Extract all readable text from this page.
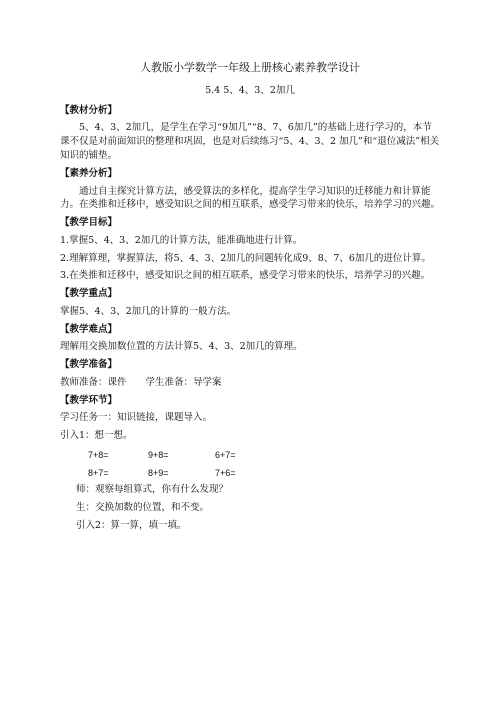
人教版小学数学一年级上册核心素养教学设计
5.4 5、4、3、2加几
【教材分析】
5、4、3、2加几，是学生在学习“9加几”“8、7、6加几”的基础上进行学习的，本节课不仅是对前面知识的整理和巩固，也是对后续练习“5、4、3、2 加几”和“退位减法”相关知识的铺垫。
【素养分析】
通过自主探究计算方法，感受算法的多样化，提高学生学习知识的迁移能力和计算能力。在类推和迁移中，感受知识之间的相互联系，感受学习带来的快乐，培养学习的兴趣。
【教学目标】
1.掌握5、4、3、2加几的计算方法，能准确地进行计算。
2.理解算理，掌握算法，将5、4、3、2加几的问题转化成9、8、7、6加几的进位计算。
3.在类推和迁移中，感受知识之间的相互联系，感受学习带来的快乐，培养学习的兴趣。
【教学重点】
掌握5、4、3、2加几的计算的一般方法。
【教学难点】
理解用交换加数位置的方法计算5、4、3、2加几的算理。
【教学准备】
教师准备：课件　　学生准备：导学案
【教学环节】
学习任务一：知识链接，课题导入。
引入1：想一想。
7+8=	9+8=	6+7=
8+7=	8+9=	7+6=
师：观察每组算式，你有什么发现？
生：交换加数的位置，和不变。
引入2：算一算，填一填。
